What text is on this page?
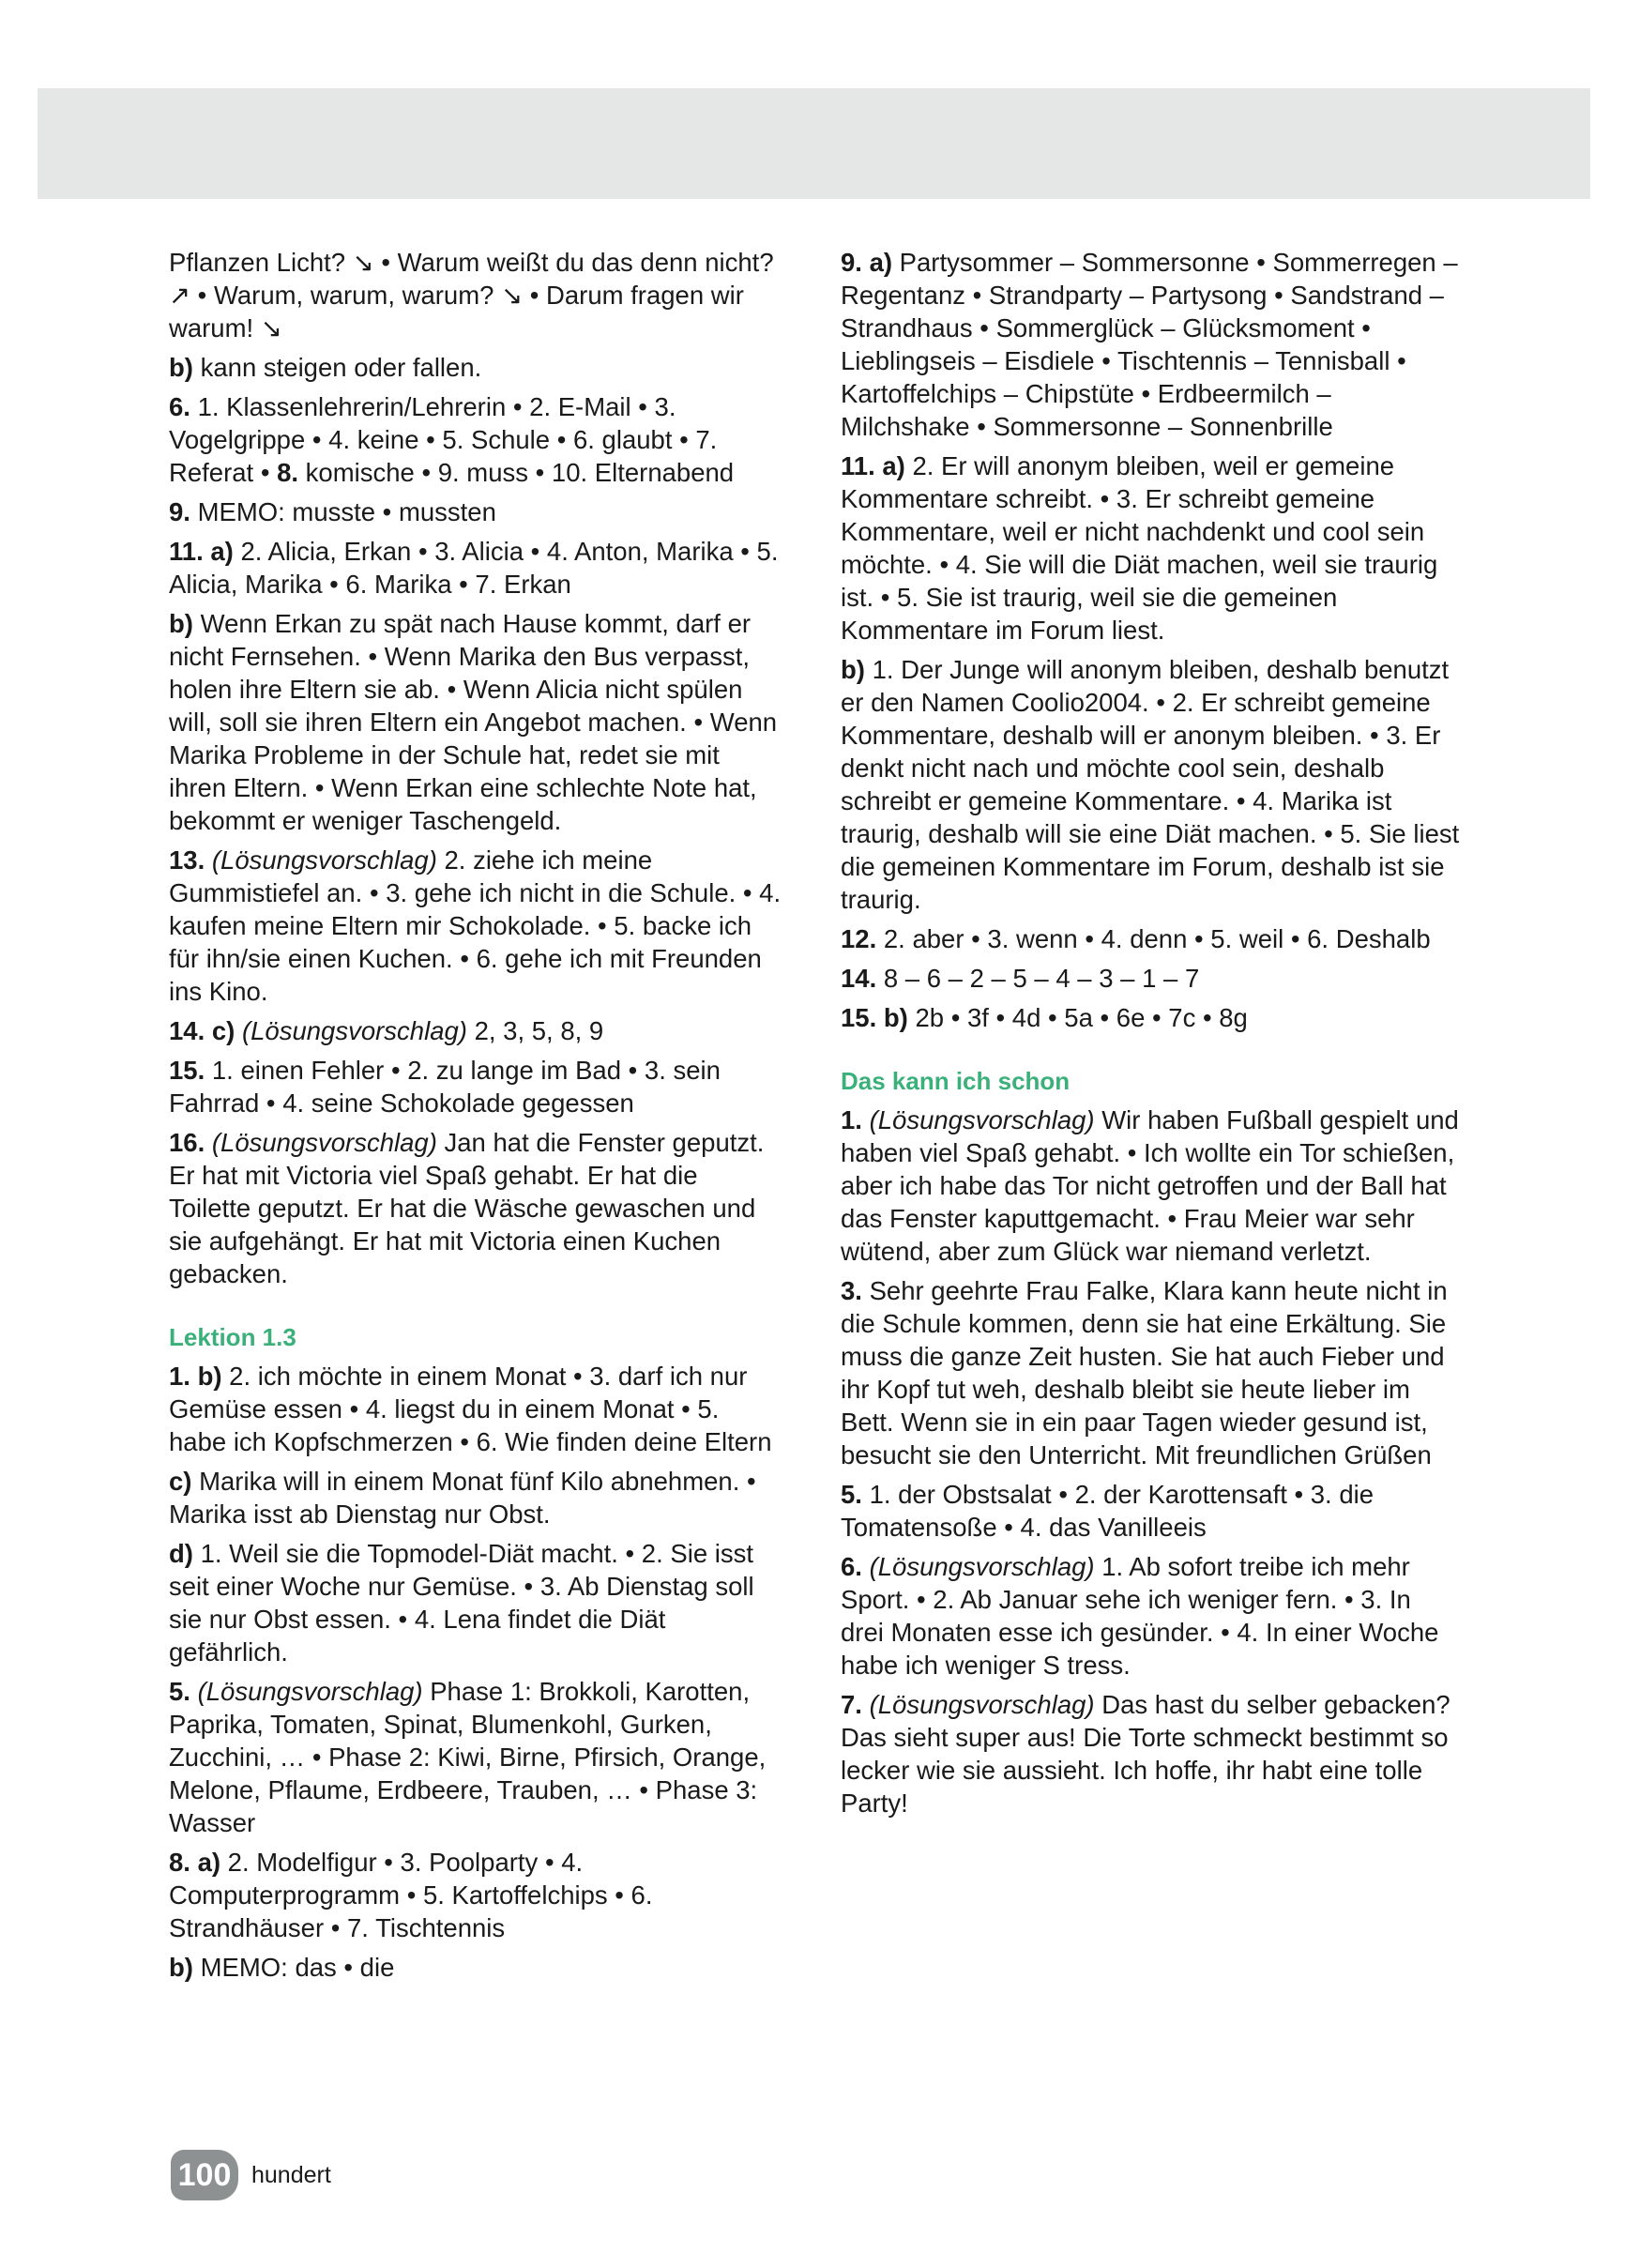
Pflanzen Licht? ↘ • Warum weißt du das denn nicht? ↗ • Warum, warum, warum? ↘ • Darum fragen wir warum! ↘
b) kann steigen oder fallen.
6. 1. Klassenlehrerin/Lehrerin • 2. E-Mail • 3. Vogelgrippe • 4. keine • 5. Schule • 6. glaubt • 7. Referat • 8. komische • 9. muss • 10. Elternabend
9. MEMO: musste • mussten
11. a) 2. Alicia, Erkan • 3. Alicia • 4. Anton, Marika • 5. Alicia, Marika • 6. Marika • 7. Erkan
b) Wenn Erkan zu spät nach Hause kommt, darf er nicht Fernsehen. • Wenn Marika den Bus verpasst, holen ihre Eltern sie ab. • Wenn Alicia nicht spülen will, soll sie ihren Eltern ein Angebot machen. • Wenn Marika Probleme in der Schule hat, redet sie mit ihren Eltern. • Wenn Erkan eine schlechte Note hat, bekommt er weniger Taschengeld.
13. (Lösungsvorschlag) 2. ziehe ich meine Gummistiefel an. • 3. gehe ich nicht in die Schule. • 4. kaufen meine Eltern mir Schokolade. • 5. backe ich für ihn/sie einen Kuchen. • 6. gehe ich mit Freunden ins Kino.
14. c) (Lösungsvorschlag) 2, 3, 5, 8, 9
15. 1. einen Fehler • 2. zu lange im Bad • 3. sein Fahrrad • 4. seine Schokolade gegessen
16. (Lösungsvorschlag) Jan hat die Fenster geputzt. Er hat mit Victoria viel Spaß gehabt. Er hat die Toilette geputzt. Er hat die Wäsche gewaschen und sie aufgehängt. Er hat mit Victoria einen Kuchen gebacken.
Lektion 1.3
1. b) 2. ich möchte in einem Monat • 3. darf ich nur Gemüse essen • 4. liegst du in einem Monat • 5. habe ich Kopfschmerzen • 6. Wie finden deine Eltern
c) Marika will in einem Monat fünf Kilo abnehmen. • Marika isst ab Dienstag nur Obst.
d) 1. Weil sie die Topmodel-Diät macht. • 2. Sie isst seit einer Woche nur Gemüse. • 3. Ab Dienstag soll sie nur Obst essen. • 4. Lena findet die Diät gefährlich.
5. (Lösungsvorschlag) Phase 1: Brokkoli, Karotten, Paprika, Tomaten, Spinat, Blumenkohl, Gurken, Zucchini, … • Phase 2: Kiwi, Birne, Pfirsich, Orange, Melone, Pflaume, Erdbeere, Trauben, … • Phase 3: Wasser
8. a) 2. Modelfigur • 3. Poolparty • 4. Computerprogramm • 5. Kartoffelchips • 6. Strandhäuser • 7. Tischtennis
b) MEMO: das • die
9. a) Partysommer – Sommersonne • Sommerregen – Regentanz • Strandparty – Partysong • Sandstrand – Strandhaus • Sommerglück – Glücksmoment • Lieblingseis – Eisdiele • Tischtennis – Tennisball • Kartoffelchips – Chipstüte • Erdbeermilch – Milchshake • Sommersonne – Sonnenbrille
11. a) 2. Er will anonym bleiben, weil er gemeine Kommentare schreibt. • 3. Er schreibt gemeine Kommentare, weil er nicht nachdenkt und cool sein möchte. • 4. Sie will die Diät machen, weil sie traurig ist. • 5. Sie ist traurig, weil sie die gemeinen Kommentare im Forum liest.
b) 1. Der Junge will anonym bleiben, deshalb benutzt er den Namen Coolio2004. • 2. Er schreibt gemeine Kommentare, deshalb will er anonym bleiben. • 3. Er denkt nicht nach und möchte cool sein, deshalb schreibt er gemeine Kommentare. • 4. Marika ist traurig, deshalb will sie eine Diät machen. • 5. Sie liest die gemeinen Kommentare im Forum, deshalb ist sie traurig.
12. 2. aber • 3. wenn • 4. denn • 5. weil • 6. Deshalb
14. 8 – 6 – 2 – 5 – 4 – 3 – 1 – 7
15. b) 2b • 3f • 4d • 5a • 6e • 7c • 8g
Das kann ich schon
1. (Lösungsvorschlag) Wir haben Fußball gespielt und haben viel Spaß gehabt. • Ich wollte ein Tor schießen, aber ich habe das Tor nicht getroffen und der Ball hat das Fenster kaputtgemacht. • Frau Meier war sehr wütend, aber zum Glück war niemand verletzt.
3. Sehr geehrte Frau Falke, Klara kann heute nicht in die Schule kommen, denn sie hat eine Erkältung. Sie muss die ganze Zeit husten. Sie hat auch Fieber und ihr Kopf tut weh, deshalb bleibt sie heute lieber im Bett. Wenn sie in ein paar Tagen wieder gesund ist, besucht sie den Unterricht. Mit freundlichen Grüßen
5. 1. der Obstsalat • 2. der Karottensaft • 3. die Tomatensoße • 4. das Vanilleeis
6. (Lösungsvorschlag) 1. Ab sofort treibe ich mehr Sport. • 2. Ab Januar sehe ich weniger fern. • 3. In drei Monaten esse ich gesünder. • 4. In einer Woche habe ich weniger S tress.
7. (Lösungsvorschlag) Das hast du selber gebacken? Das sieht super aus! Die Torte schmeckt bestimmt so lecker wie sie aussieht. Ich hoffe, ihr habt eine tolle Party!
100 hundert
